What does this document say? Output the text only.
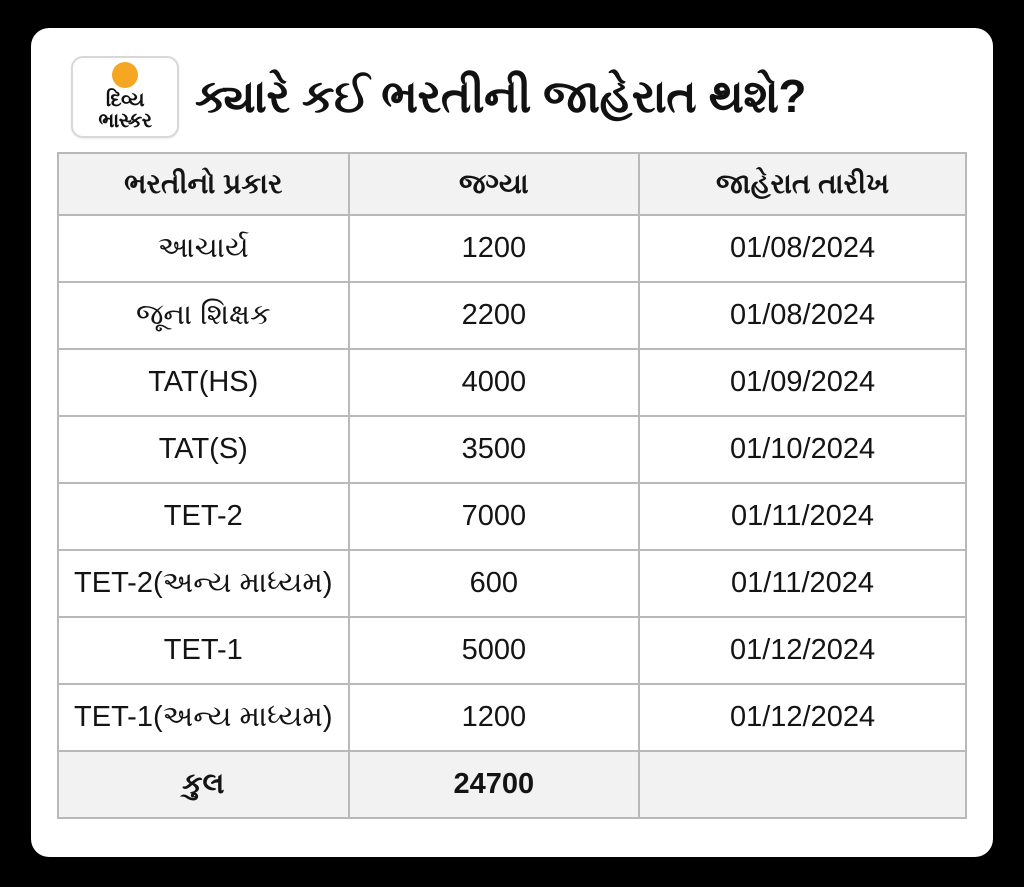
દિવ્ય
ભાસ્કર ક્યારે કઈ ભરતીની જાહેરાત થશે?
ભરતીનો પ્રકાર	જગ્યા	જાહેરાત તારીખ
આચાર્ય	1200	01/08/2024
જૂના શિક્ષક	2200	01/08/2024
TAT(HS)	4000	01/09/2024
TAT(S)	3500	01/10/2024
TET-2	7000	01/11/2024
TET-2(અન્ય માધ્યમ)	600	01/11/2024
TET-1	5000	01/12/2024
TET-1(અન્ય માધ્યમ)	1200	01/12/2024
કુલ	24700	
